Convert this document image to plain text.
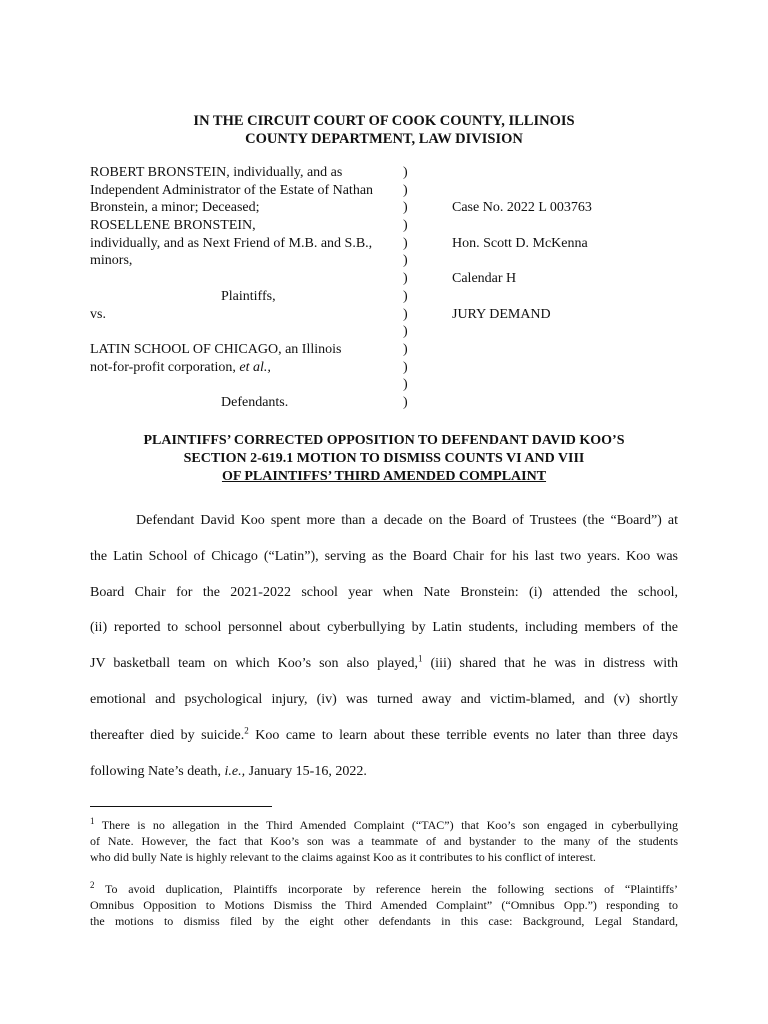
IN THE CIRCUIT COURT OF COOK COUNTY, ILLINOIS
COUNTY DEPARTMENT, LAW DIVISION
ROBERT BRONSTEIN, individually, and as
Independent Administrator of the Estate of Nathan
Bronstein, a minor; Deceased;
ROSELLENE BRONSTEIN,
individually, and as Next Friend of M.B. and S.B.,
minors,
Plaintiffs,
vs.
LATIN SCHOOL OF CHICAGO, an Illinois
not-for-profit corporation, et al.,
Defendants.
)
)
)
)
)
)
)
)
)
)
)
)
)
)
Case No. 2022 L 003763
Hon. Scott D. McKenna
Calendar H
JURY DEMAND
PLAINTIFFS’ CORRECTED OPPOSITION TO DEFENDANT DAVID KOO’S
SECTION 2-619.1 MOTION TO DISMISS COUNTS VI AND VIII
OF PLAINTIFFS’ THIRD AMENDED COMPLAINT
Defendant David Koo spent more than a decade on the Board of Trustees (the “Board”) at
the Latin School of Chicago (“Latin”), serving as the Board Chair for his last two years. Koo was
Board Chair for the 2021-2022 school year when Nate Bronstein: (i) attended the school,
(ii) reported to school personnel about cyberbullying by Latin students, including members of the
JV basketball team on which Koo’s son also played,$^1$ (iii) shared that he was in distress with
emotional and psychological injury, (iv) was turned away and victim-blamed, and (v) shortly
thereafter died by suicide.$^2$ Koo came to learn about these terrible events no later than three days
following Nate’s death, i.e., January 15-16, 2022.
$^1$ There is no allegation in the Third Amended Complaint (“TAC”) that Koo’s son engaged in cyberbullying
of Nate. However, the fact that Koo’s son was a teammate of and bystander to the many of the students
who did bully Nate is highly relevant to the claims against Koo as it contributes to his conflict of interest.
$^2$ To avoid duplication, Plaintiffs incorporate by reference herein the following sections of “Plaintiffs’
Omnibus Opposition to Motions Dismiss the Third Amended Complaint” (“Omnibus Opp.”) responding to
the motions to dismiss filed by the eight other defendants in this case: Background, Legal Standard,
